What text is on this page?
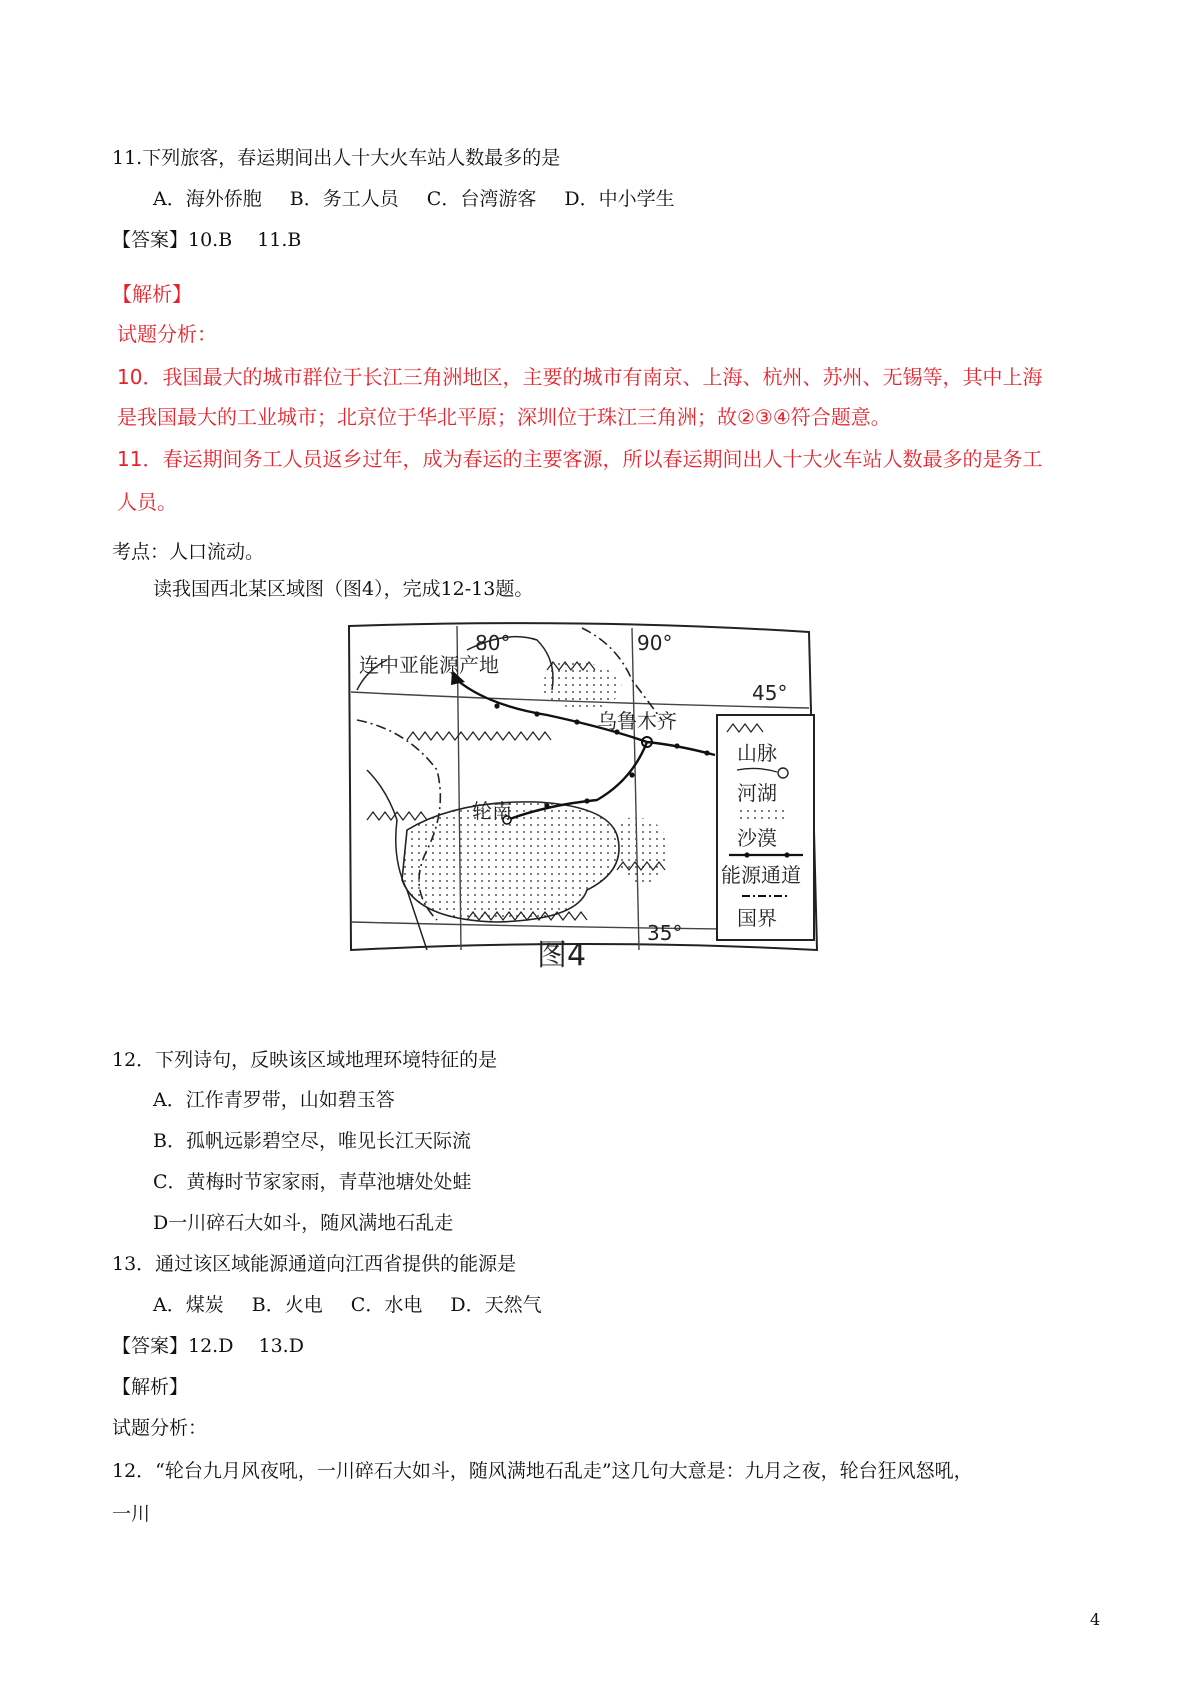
11.下列旅客，春运期间出人十大火车站人数最多的是
A．海外侨胞 B．务工人员 C．台湾游客 D．中小学生
【答案】10.B　 11.B
【解析】
试题分析：
10．我国最大的城市群位于长江三角洲地区，主要的城市有南京、上海、杭州、苏州、无锡等，其中上海
是我国最大的工业城市；北京位于华北平原；深圳位于珠江三角洲；故②③④符合题意。
11．春运期间务工人员返乡过年，成为春运的主要客源，所以春运期间出人十大火车站人数最多的是务工
人员。
考点：人口流动。
读我国西北某区域图（图4），完成12-13题。
80°	90°
45°
35°
连中亚能源产地
乌鲁木齐
轮南
山脉
河湖
沙漠
能源通道
国界
图4
12．下列诗句，反映该区域地理环境特征的是
A．江作青罗带，山如碧玉答
B．孤帆远影碧空尽，唯见长江天际流
C．黄梅时节家家雨，青草池塘处处蛙
D一川碎石大如斗，随风满地石乱走
13．通过该区域能源通道向江西省提供的能源是
A．煤炭 B．火电 C．水电 D．天然气
【答案】12.D　 13.D
【解析】
试题分析：
12．“轮台九月风夜吼，一川碎石大如斗，随风满地石乱走”这几句大意是：九月之夜，轮台狂风怒吼，
一川
4
